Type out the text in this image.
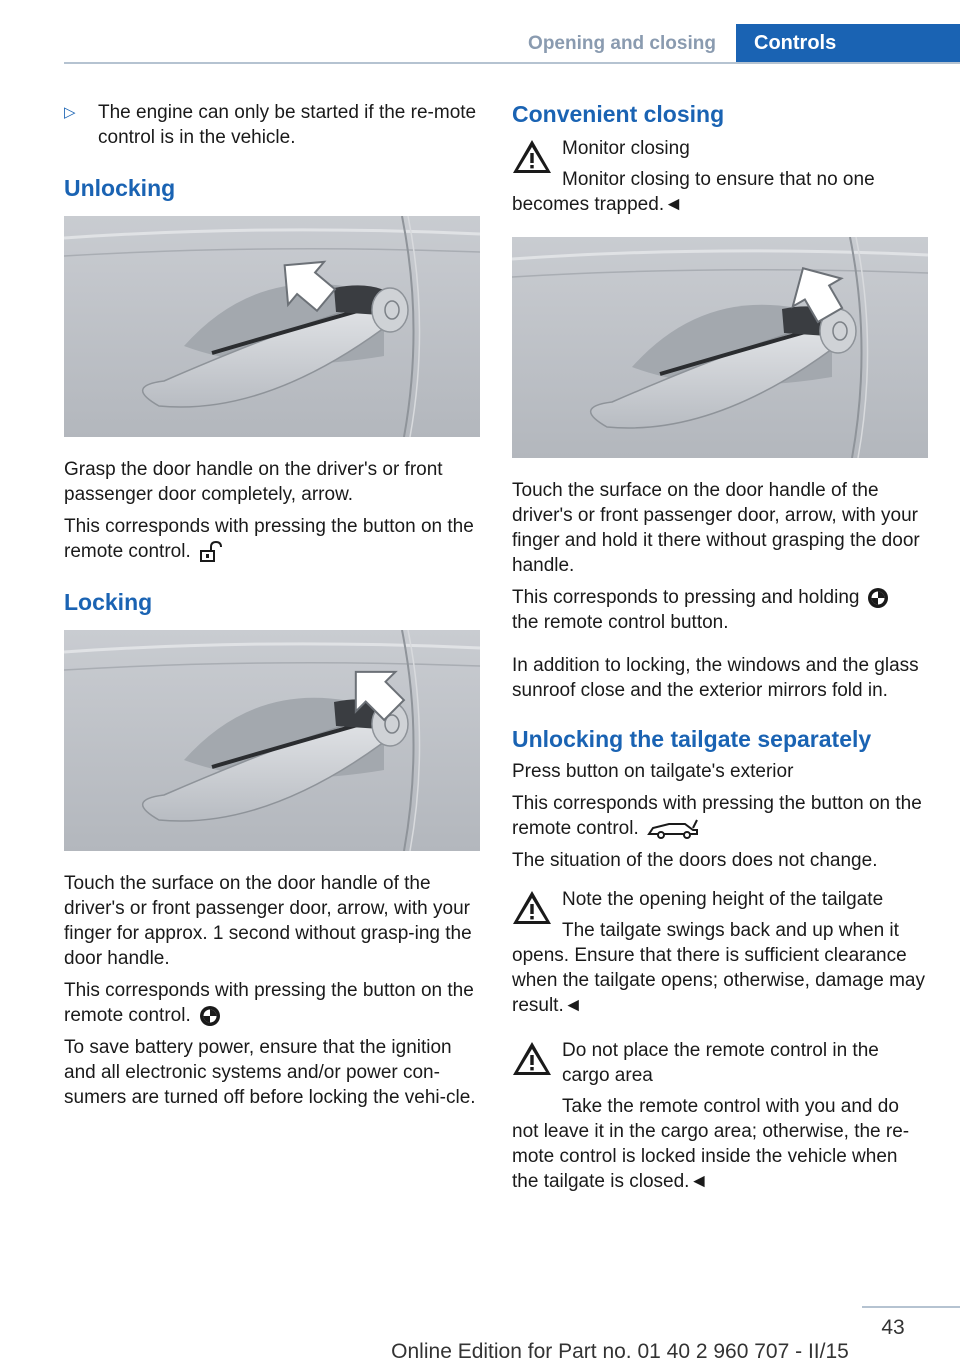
Opening and closing	Controls
▷ The engine can only be started if the re‐mote control is in the vehicle.
Unlocking

Grasp the door handle on the driver's or front passenger door completely, arrow.

This corresponds with pressing the button on the remote control.

Locking

Touch the surface on the door handle of the driver's or front passenger door, arrow, with your finger for approx. 1 second without grasp‐ing the door handle.

This corresponds with pressing the button on the remote control.

To save battery power, ensure that the ignition and all electronic systems and/or power con‐sumers are turned off before locking the vehi‐cle.

Convenient closing

Monitor closing

Monitor closing to ensure that no one becomes trapped.◄

Touch the surface on the door handle of the driver's or front passenger door, arrow, with your finger and hold it there without grasping the door handle.

This corresponds to pressing and holding
the remote control button.

In addition to locking, the windows and the glass sunroof close and the exterior mirrors fold in.

Unlocking the tailgate separately

Press button on tailgate's exterior

This corresponds with pressing the button on the remote control.

The situation of the doors does not change.

Note the opening height of the tailgate

The tailgate swings back and up when it opens. Ensure that there is sufficient clearance when the tailgate opens; otherwise, damage may result.◄

Do not place the remote control in the cargo area

Take the remote control with you and do not leave it in the cargo area; otherwise, the re‐mote control is locked inside the vehicle when the tailgate is closed.◄

43
Online Edition for Part no. 01 40 2 960 707 - II/15
